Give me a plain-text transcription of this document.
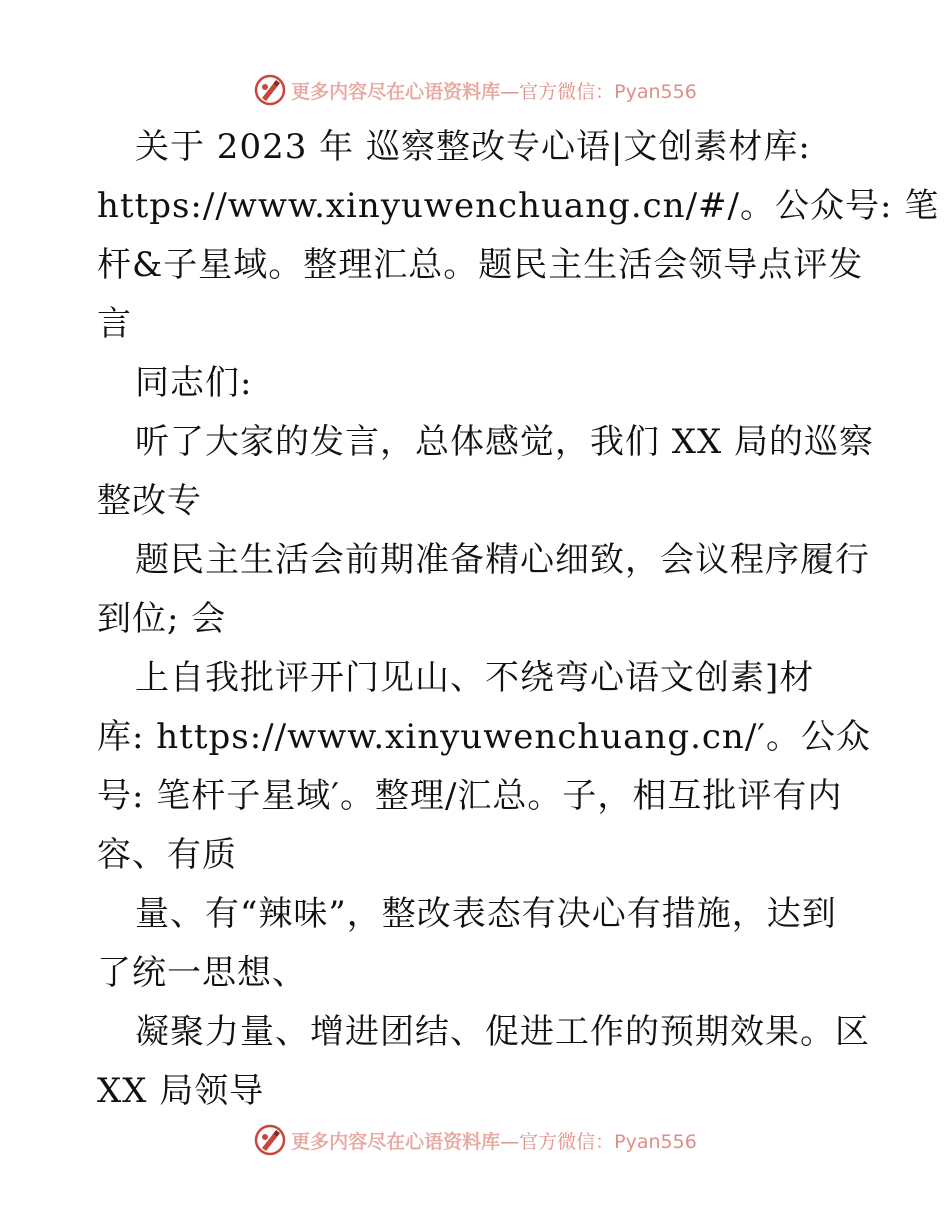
更多内容尽在心语资料库—官方微信：Pyan556
关于 2023 年 巡察整改专心语|文创素材库:
https://www.xinyuwenchuang.cn/#/。公众号: 笔
杆&子星域。整理汇总。题民主生活会领导点评发
言
同志们:
听了大家的发言，总体感觉，我们 XX 局的巡察
整改专
题民主生活会前期准备精心细致，会议程序履行
到位; 会
上自我批评开门见山、不绕弯心语文创素]材
库: https://www.xinyuwenchuang.cn/′。公众
号: 笔杆子星域′。整理/汇总。子，相互批评有内
容、有质
量、有“辣味”，整改表态有决心有措施，达到
了统一思想、
凝聚力量、增进团结、促进工作的预期效果。区
XX 局领导
更多内容尽在心语资料库—官方微信：Pyan556
